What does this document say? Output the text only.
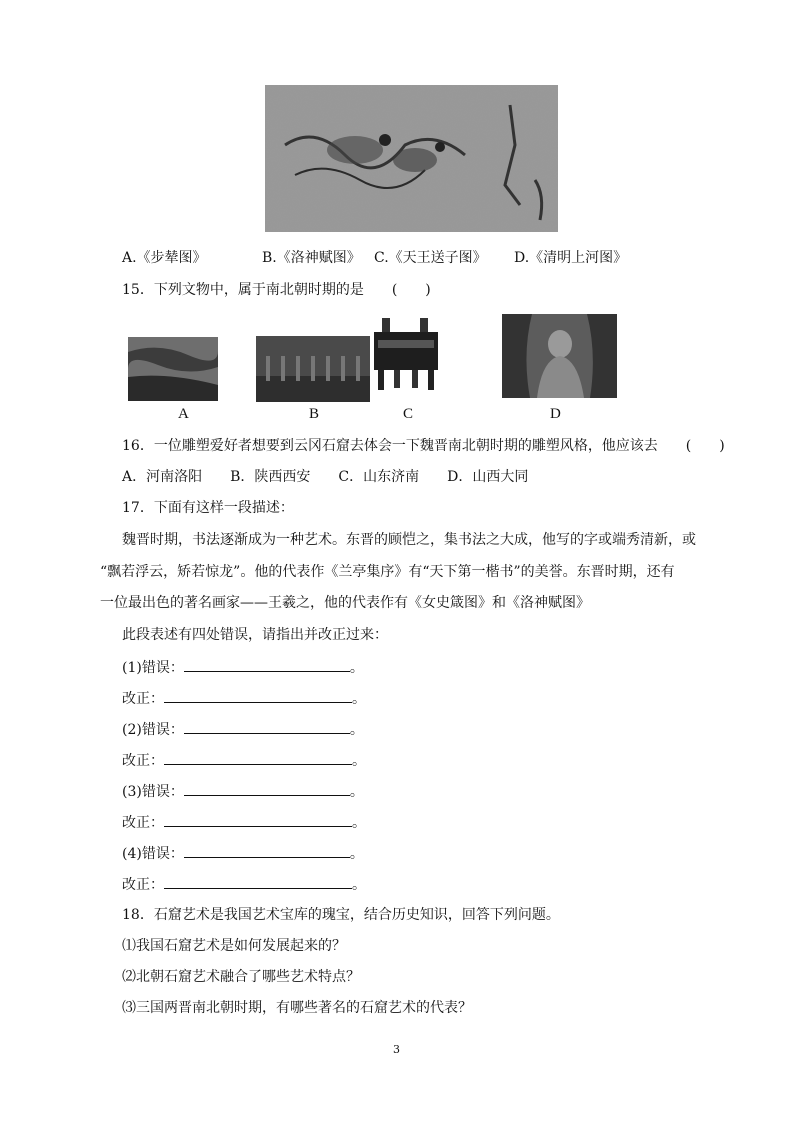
A.《步辇图》	B.《洛神赋图》 C.《天王送子图》 D.《清明上河图》
15．下列文物中，属于南北朝时期的是　　(　　)
A	B	C	D
16．一位雕塑爱好者想要到云冈石窟去体会一下魏晋南北朝时期的雕塑风格，他应该去　　(　　)
A．河南洛阳　　B．陕西西安　　C．山东济南　　D．山西大同
17．下面有这样一段描述：
魏晋时期，书法逐渐成为一种艺术。东晋的顾恺之，集书法之大成，他写的字或端秀清新，或
“飘若浮云，矫若惊龙”。他的代表作《兰亭集序》有“天下第一楷书”的美誉。东晋时期，还有
一位最出色的著名画家——王羲之，他的代表作有《女史箴图》和《洛神赋图》
此段表述有四处错误，请指出并改正过来：
(1)错误：	。
改正：	。
(2)错误：	。
改正：	。
(3)错误：	。
改正：	。
(4)错误：	。
改正：	。
18．石窟艺术是我国艺术宝库的瑰宝，结合历史知识，回答下列问题。
⑴我国石窟艺术是如何发展起来的？
⑵北朝石窟艺术融合了哪些艺术特点？
⑶三国两晋南北朝时期，有哪些著名的石窟艺术的代表？
3
